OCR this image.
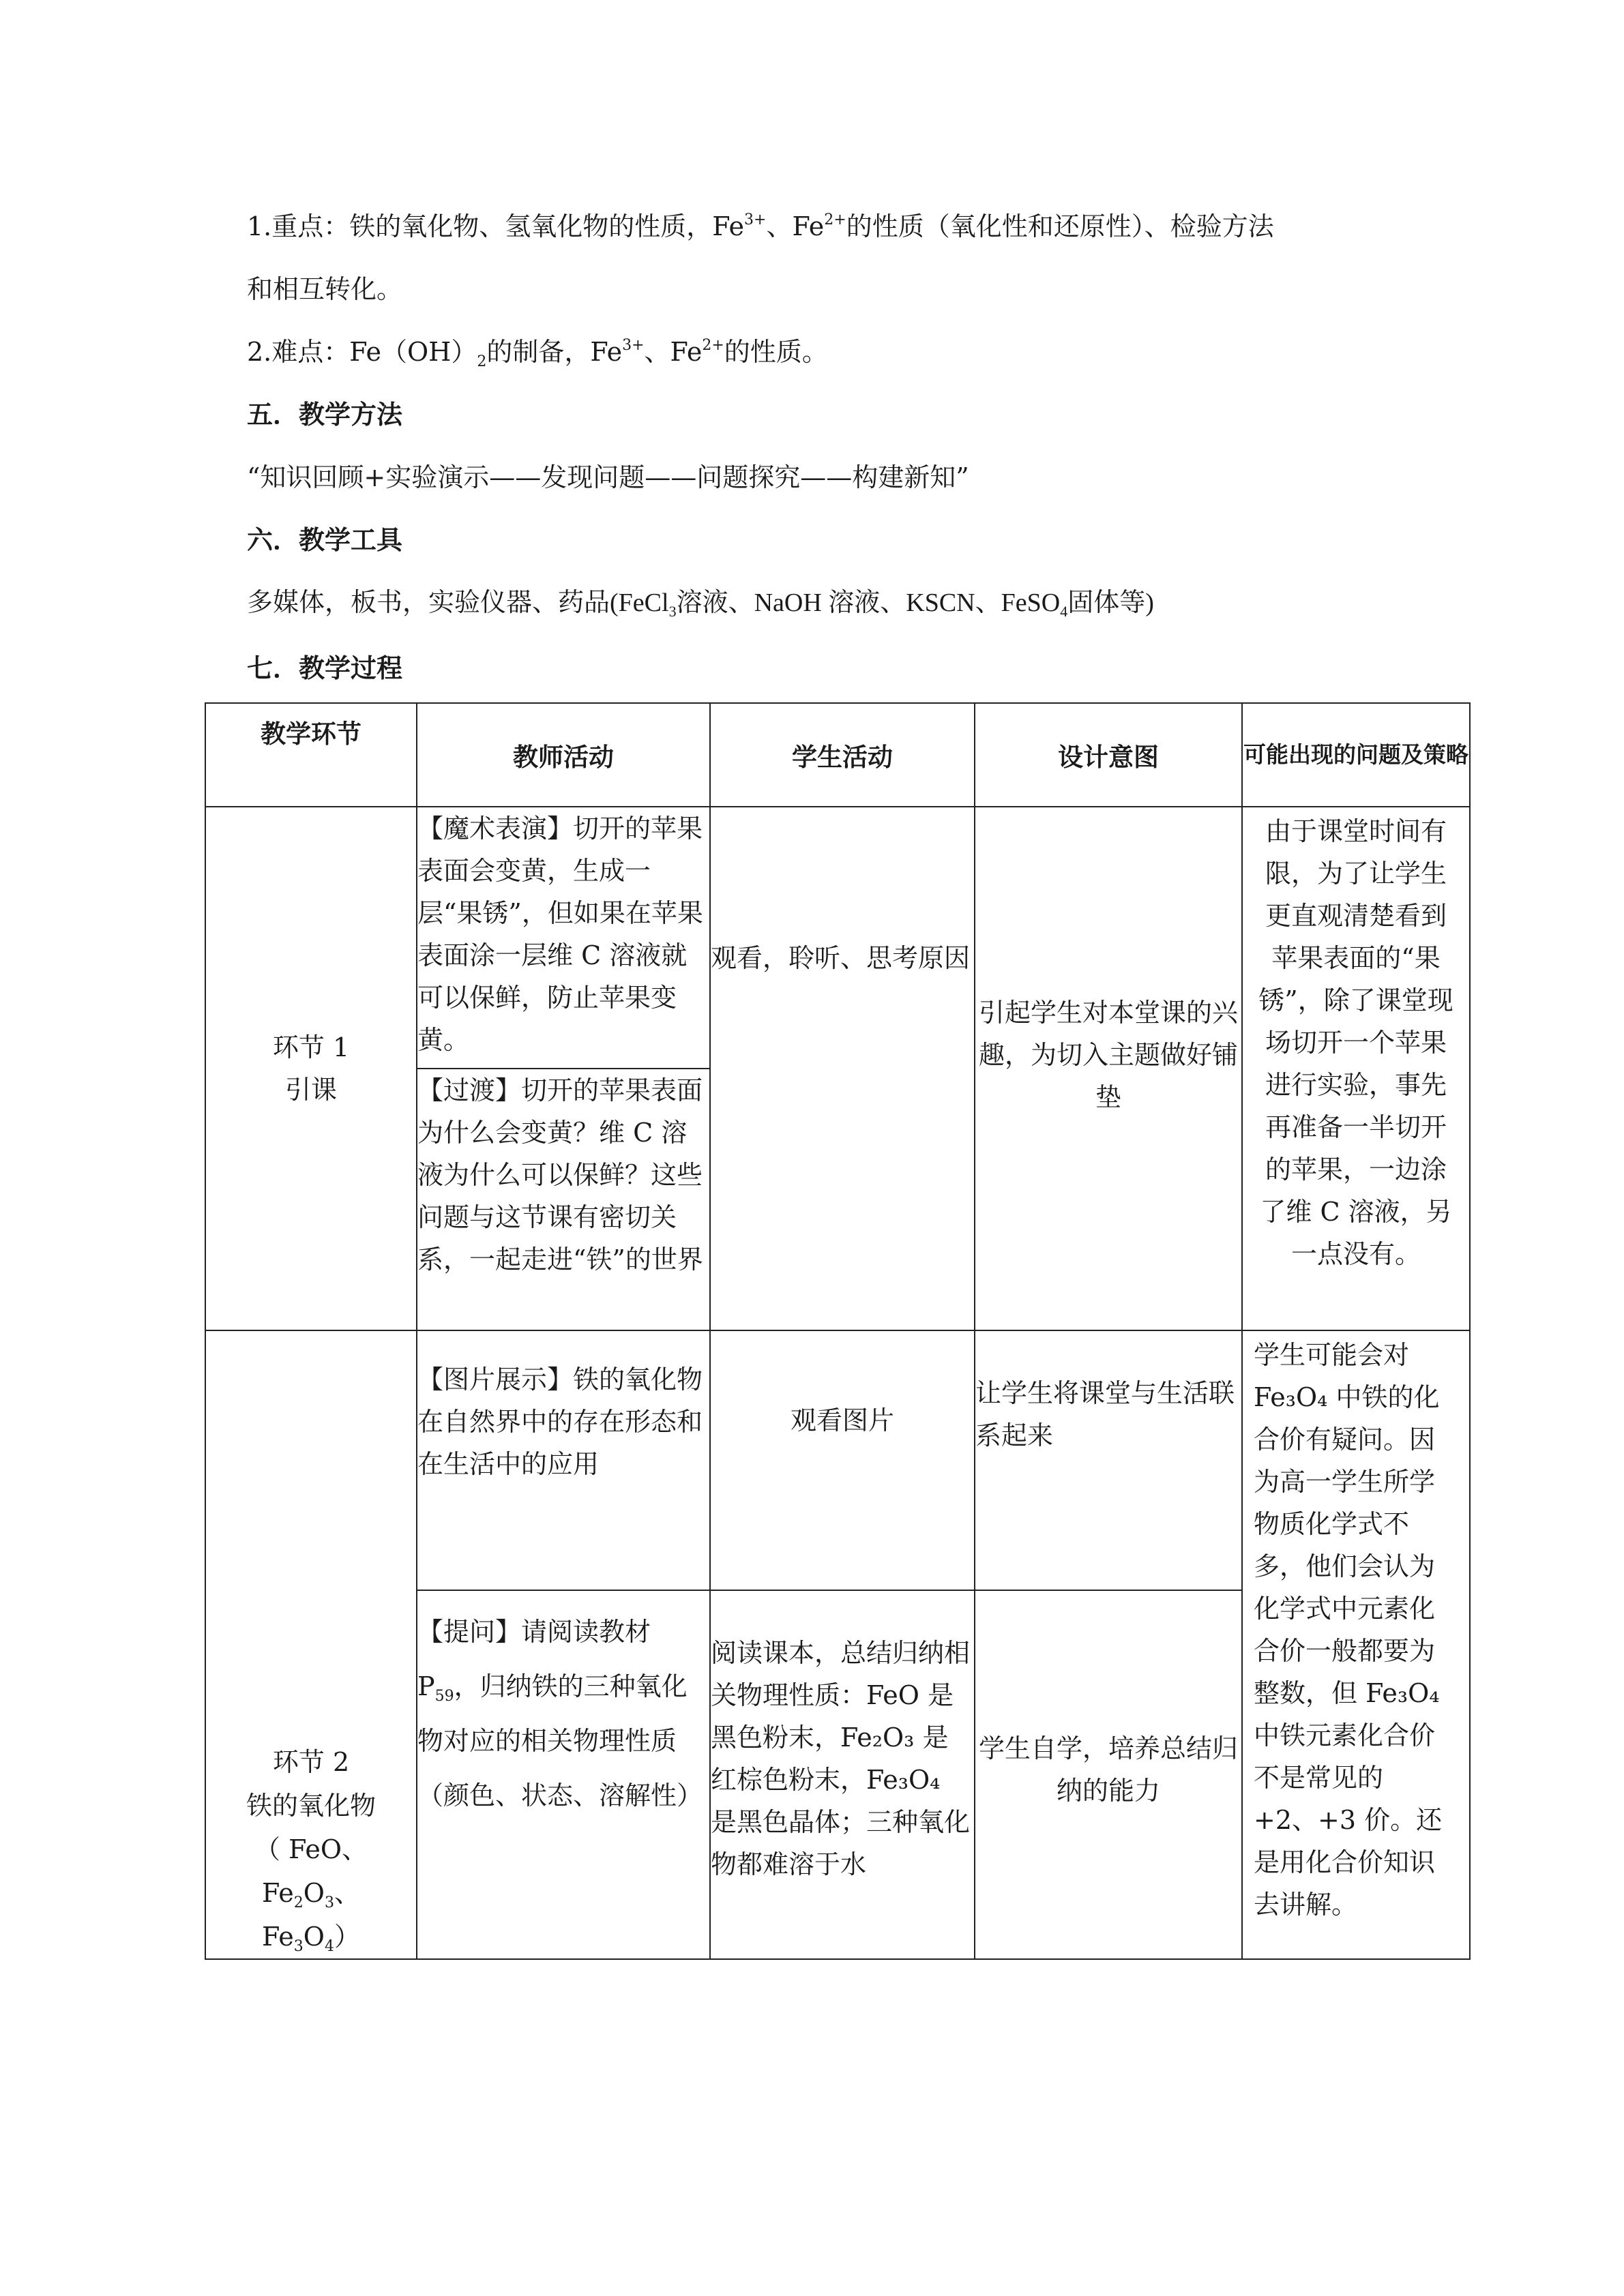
1.重点：铁的氧化物、氢氧化物的性质，$Fe^{3+}$、$Fe^{2+}$的性质（氧化性和还原性）、检验方法
和相互转化。
2.难点：$Fe(OH)_2$的制备，$Fe^{3+}$、$Fe^{2+}$的性质。
五．教学方法
“知识回顾+实验演示——发现问题——问题探究——构建新知”
六．教学工具
多媒体，板书，实验仪器、药品(FeCl$_3$溶液、NaOH 溶液、KSCN、FeSO$_4$固体等)
七．教学过程
教学环节	教师活动	学生活动	设计意图	可能出现的问题及策略

环节 1
引课	【魔术表演】切开的苹果表面会变黄，生成一层“果锈”，但如果在苹果表面涂一层维 C 溶液就可以保鲜，防止苹果变黄。	观看，聆听、思考原因	引起学生对本堂课的兴趣，为切入主题做好铺垫	由于课堂时间有限，为了让学生更直观清楚看到苹果表面的“果锈”，除了课堂现场切开一个苹果进行实验，事先再准备一半切开的苹果，一边涂了维 C 溶液，另一点没有。
	【过渡】切开的苹果表面为什么会变黄？维 C 溶液为什么可以保鲜？这些问题与这节课有密切关系，一起走进“铁”的世界			

环节 2
铁的氧化物
（ FeO、
$Fe_2O_3$、
$Fe_3O_4$）	【图片展示】铁的氧化物在自然界中的存在形态和在生活中的应用	观看图片	让学生将课堂与生活联系起来	学生可能会对 Fe₃O₄ 中铁的化合价有疑问。因为高一学生所学物质化学式不多，他们会认为化学式中元素化合价一般都要为整数，但 Fe₃O₄ 中铁元素化合价不是常见的+2、+3 价。还是用化合价知识去讲解。
	【提问】请阅读教材$P_{59}$，归纳铁的三种氧化物对应的相关物理性质（颜色、状态、溶解性）	阅读课本，总结归纳相关物理性质：FeO 是黑色粉末，Fe₂O₃ 是红棕色粉末，Fe₃O₄ 是黑色晶体；三种氧化物都难溶于水	学生自学，培养总结归纳的能力	
